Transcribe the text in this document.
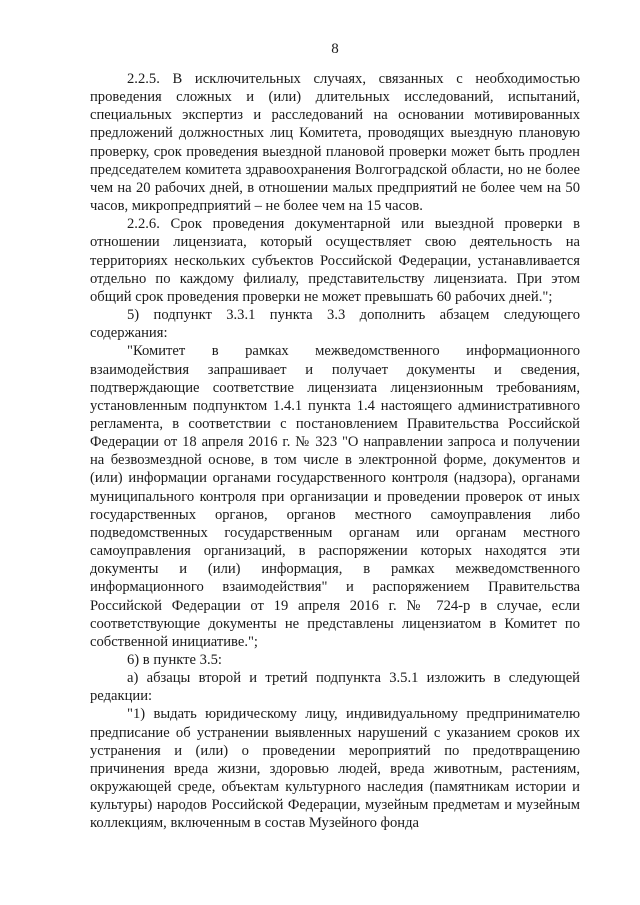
8

2.2.5. В исключительных случаях, связанных с необходимостью проведения сложных и (или) длительных исследований, испытаний, специальных экспертиз и расследований на основании мотивированных предложений должностных лиц Комитета, проводящих выездную плановую проверку, срок проведения выездной плановой проверки может быть продлен председателем комитета здравоохранения Волгоградской области, но не более чем на 20 рабочих дней, в отношении малых предприятий не более чем на 50 часов, микропредприятий – не более чем на 15 часов.

2.2.6. Срок проведения документарной или выездной проверки в отношении лицензиата, который осуществляет свою деятельность на территориях нескольких субъектов Российской Федерации, устанавливается отдельно по каждому филиалу, представительству лицензиата. При этом общий срок проведения проверки не может превышать 60 рабочих дней.";

5) подпункт 3.3.1 пункта 3.3 дополнить абзацем следующего содержания:

"Комитет в рамках межведомственного информационного взаимодействия запрашивает и получает документы и сведения, подтверждающие соответствие лицензиата лицензионным требованиям, установленным подпунктом 1.4.1 пункта 1.4 настоящего административного регламента, в соответствии с постановлением Правительства Российской Федерации от 18 апреля 2016 г. № 323 "О направлении запроса и получении на безвозмездной основе, в том числе в электронной форме, документов и (или) информации органами государственного контроля (надзора), органами муниципального контроля при организации и проведении проверок от иных государственных органов, органов местного самоуправления либо подведомственных государственным органам или органам местного самоуправления организаций, в распоряжении которых находятся эти документы и (или) информация, в рамках межведомственного информационного взаимодействия" и распоряжением Правительства Российской Федерации от 19 апреля 2016 г. № 724-р в случае, если соответствующие документы не представлены лицензиатом в Комитет по собственной инициативе.";

6) в пункте 3.5:

а) абзацы второй и третий подпункта 3.5.1 изложить в следующей редакции:

"1) выдать юридическому лицу, индивидуальному предпринимателю предписание об устранении выявленных нарушений с указанием сроков их устранения и (или) о проведении мероприятий по предотвращению причинения вреда жизни, здоровью людей, вреда животным, растениям, окружающей среде, объектам культурного наследия (памятникам истории и культуры) народов Российской Федерации, музейным предметам и музейным коллекциям, включенным в состав Музейного фонда
